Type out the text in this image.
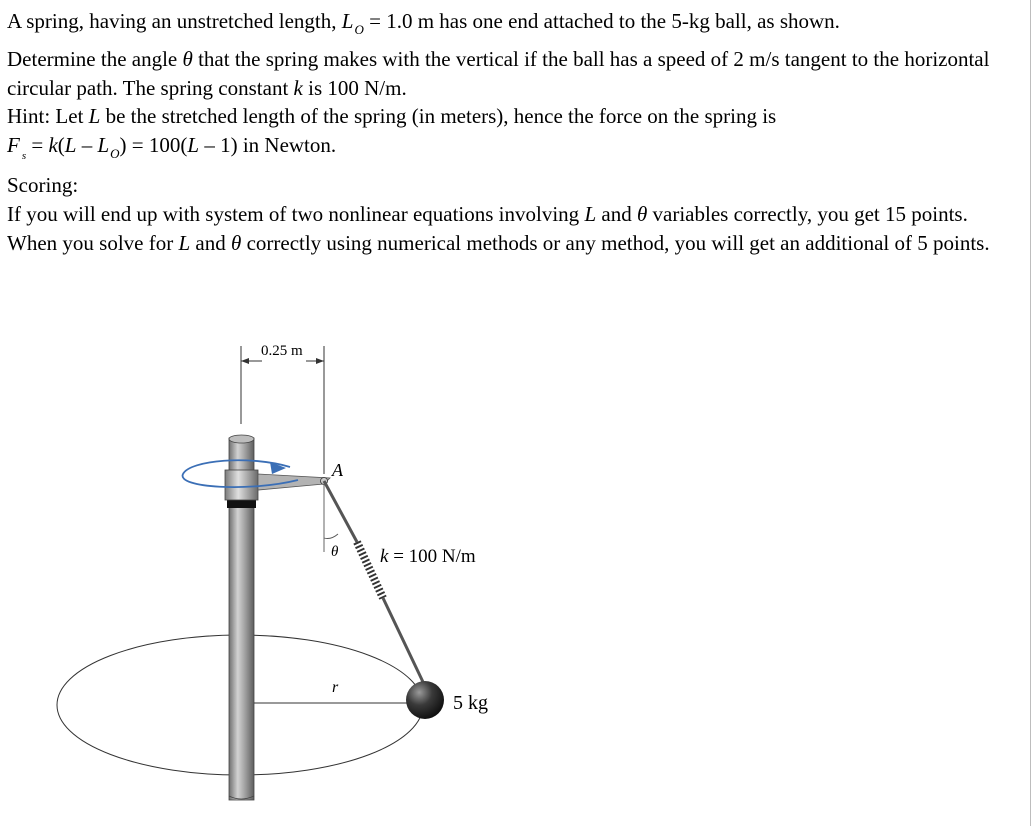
A spring, having an unstretched length, $L_O = 1.0$ m has one end attached to the 5-kg ball, as shown.

Determine the angle θ that the spring makes with the vertical if the ball has a speed of 2 m/s tangent to the horizontal circular path. The spring constant k is 100 N/m.

Hint: Let L be the stretched length of the spring (in meters), hence the force on the spring is

F $_s = k(L - L_O) = 100(L - 1)$ in Newton.

Scoring:

If you will end up with system of two nonlinear equations involving L and θ variables correctly, you get 15 points.

When you solve for L and θ correctly using numerical methods or any method, you will get an additional of 5 points.

0.25 m
A
θ k = 100 N/m
r
5 kg
